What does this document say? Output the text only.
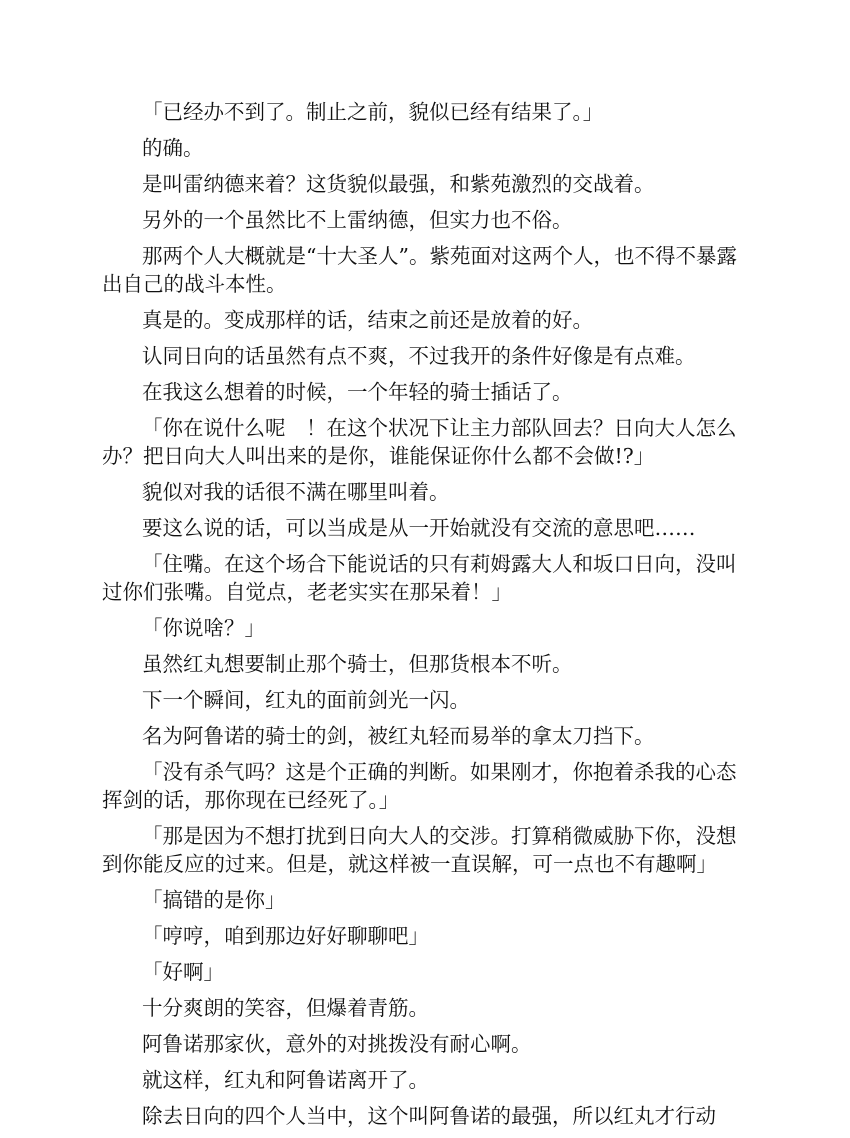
「已经办不到了。制止之前，貌似已经有结果了。」

的确。

是叫雷纳德来着？这货貌似最强，和紫苑激烈的交战着。

另外的一个虽然比不上雷纳德，但实力也不俗。

那两个人大概就是“十大圣人”。紫苑面对这两个人，也不得不暴露出自己的战斗本性。

真是的。变成那样的话，结束之前还是放着的好。

认同日向的话虽然有点不爽，不过我开的条件好像是有点难。

在我这么想着的时候，一个年轻的骑士插话了。

「你在说什么呢　！在这个状况下让主力部队回去？日向大人怎么办？把日向大人叫出来的是你，谁能保证你什么都不会做!?」

貌似对我的话很不满在哪里叫着。

要这么说的话，可以当成是从一开始就没有交流的意思吧……

「住嘴。在这个场合下能说话的只有莉姆露大人和坂口日向，没叫过你们张嘴。自觉点，老老实实在那呆着！」

「你说啥？」

虽然红丸想要制止那个骑士，但那货根本不听。

下一个瞬间，红丸的面前剑光一闪。

名为阿鲁诺的骑士的剑，被红丸轻而易举的拿太刀挡下。

「没有杀气吗？这是个正确的判断。如果刚才，你抱着杀我的心态挥剑的话，那你现在已经死了。」

「那是因为不想打扰到日向大人的交涉。打算稍微威胁下你，没想到你能反应的过来。但是，就这样被一直误解，可一点也不有趣啊」

「搞错的是你」

「哼哼，咱到那边好好聊聊吧」

「好啊」

十分爽朗的笑容，但爆着青筋。

阿鲁诺那家伙，意外的对挑拨没有耐心啊。

就这样，红丸和阿鲁诺离开了。

除去日向的四个人当中，这个叫阿鲁诺的最强，所以红丸才行动
